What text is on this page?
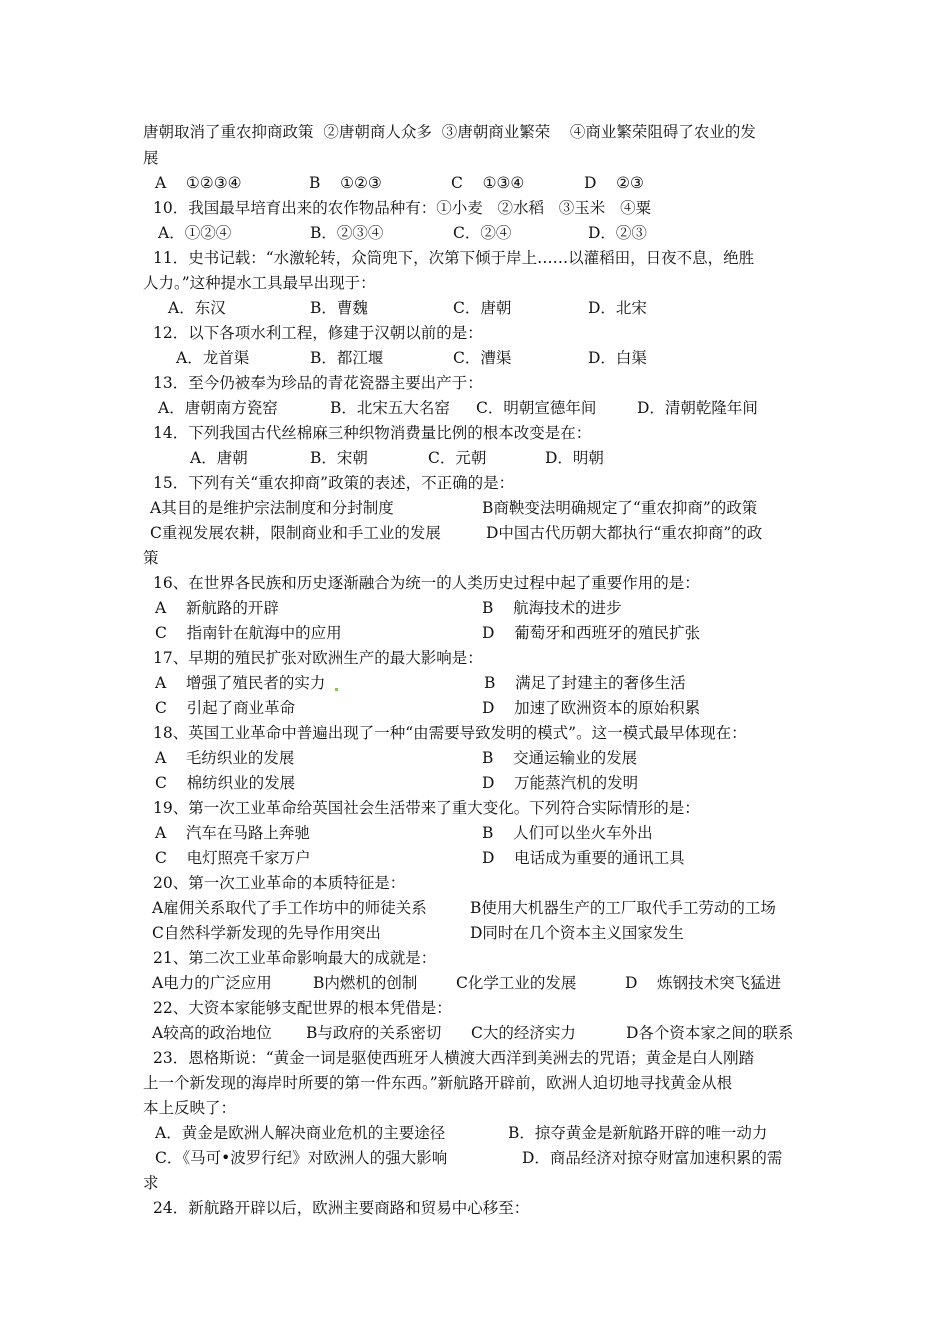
唐朝取消了重农抑商政策  ②唐朝商人众多  ③唐朝商业繁荣    ④商业繁荣阻碍了农业的发
展
A    ①②③④	B    ①②③	C    ①③④	D    ②③
10．我国最早培育出来的农作物品种有：①小麦   ②水稻   ③玉米   ④粟
A．①②④	B．②③④	C．②④	D．②③
11．史书记载：“水激轮转，众筒兜下，次第下倾于岸上……以灌稻田，日夜不息，绝胜
人力。”这种提水工具最早出现于：
A．东汉	B．曹魏	C．唐朝	D．北宋
12．以下各项水利工程，修建于汉朝以前的是：
A．龙首渠	B．都江堰	C．漕渠	D．白渠
13．至今仍被奉为珍品的青花瓷器主要出产于：
A．唐朝南方瓷窑	B．北宋五大名窑 C．明朝宣德年间	D．清朝乾隆年间
14．下列我国古代丝棉麻三种织物消费量比例的根本改变是在：
A．唐朝	B．宋朝	C．元朝	D．明朝
15．下列有关“重农抑商”政策的表述，不正确的是：
A其目的是维护宗法制度和分封制度	B商鞅变法明确规定了“重农抑商”的政策
C重视发展农耕，限制商业和手工业的发展	D中国古代历朝大都执行“重农抑商”的政
策
16、在世界各民族和历史逐渐融合为统一的人类历史过程中起了重要作用的是：
A    新航路的开辟	B    航海技术的进步
C    指南针在航海中的应用	D    葡萄牙和西班牙的殖民扩张
17、早期的殖民扩张对欧洲生产的最大影响是：
A    增强了殖民者的实力	B    满足了封建主的奢侈生活
C    引起了商业革命	D    加速了欧洲资本的原始积累
18、英国工业革命中普遍出现了一种“由需要导致发明的模式”。这一模式最早体现在：
A    毛纺织业的发展	B    交通运输业的发展
C    棉纺织业的发展	D    万能蒸汽机的发明
19、第一次工业革命给英国社会生活带来了重大变化。下列符合实际情形的是：
A    汽车在马路上奔驰	B    人们可以坐火车外出
C    电灯照亮千家万户	D    电话成为重要的通讯工具
20、第一次工业革命的本质特征是：
A雇佣关系取代了手工作坊中的师徒关系	B使用大机器生产的工厂取代手工劳动的工场
C自然科学新发现的先导作用突出	D同时在几个资本主义国家发生
21、第二次工业革命影响最大的成就是：
A电力的广泛应用	B内燃机的创制 C化学工业的发展	D    炼钢技术突飞猛进
22、大资本家能够支配世界的根本凭借是：
A较高的政治地位 B与政府的关系密切 C大的经济实力	D各个资本家之间的联系
23．恩格斯说：“黄金一词是驱使西班牙人横渡大西洋到美洲去的咒语；黄金是白人刚踏
上一个新发现的海岸时所要的第一件东西。”新航路开辟前，欧洲人迫切地寻找黄金从根
本上反映了：
A．黄金是欧洲人解决商业危机的主要途径	B．掠夺黄金是新航路开辟的唯一动力
C．《马可•波罗行纪》对欧洲人的强大影响	D．商品经济对掠夺财富加速积累的需
求
24．新航路开辟以后，欧洲主要商路和贸易中心移至：
